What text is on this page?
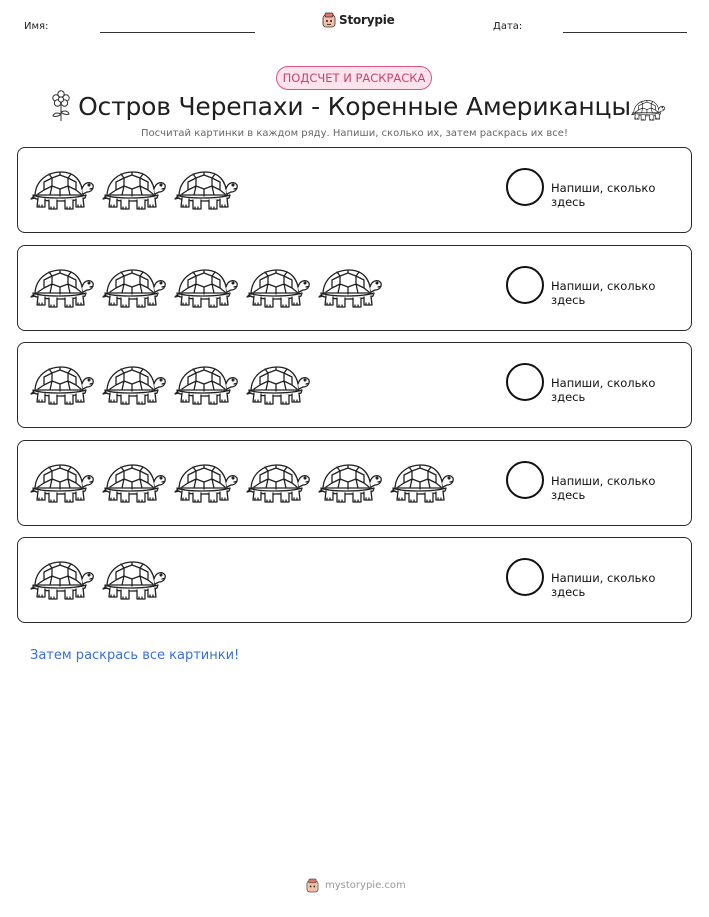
Имя:	Storypie	Дата:
ПОДСЧЕТ И РАСКРАСКА
Остров Черепахи - Коренные Американцы
Посчитай картинки в каждом ряду. Напиши, сколько их, затем раскрась их все!
Напиши, сколько здесь
Напиши, сколько здесь
Напиши, сколько здесь
Напиши, сколько здесь
Напиши, сколько здесь
Затем раскрась все картинки!
mystorypie.com
